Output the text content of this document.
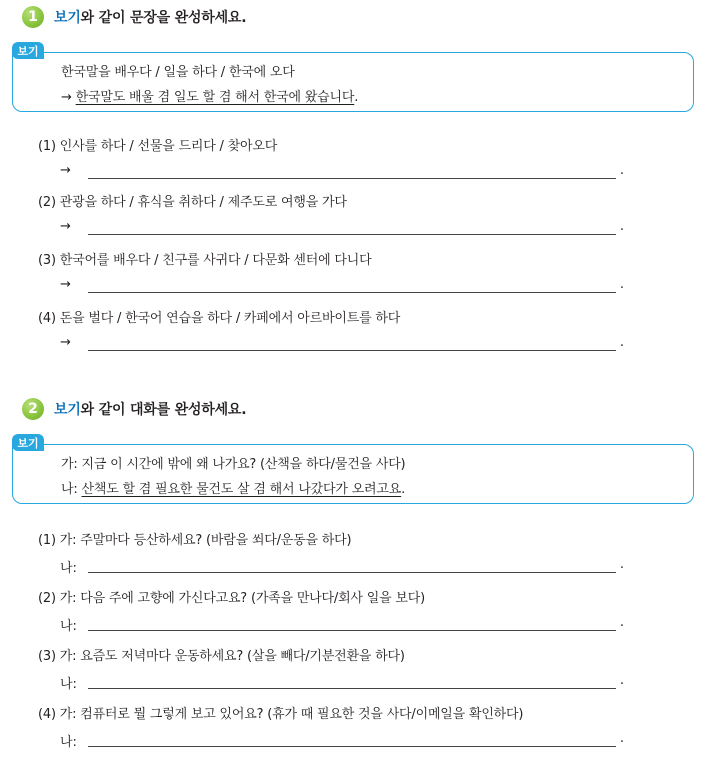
1	보기와 같이 문장을 완성하세요.
보기
한국말을 배우다 / 일을 하다 / 한국에 오다
→ 한국말도 배울 겸 일도 할 겸 해서 한국에 왔습니다.
(1) 인사를 하다 / 선물을 드리다 / 찾아오다
→	.
(2) 관광을 하다 / 휴식을 취하다 / 제주도로 여행을 가다
→	.
(3) 한국어를 배우다 / 친구를 사귀다 / 다문화 센터에 다니다
→	.
(4) 돈을 벌다 / 한국어 연습을 하다 / 카페에서 아르바이트를 하다
→	.
2	보기와 같이 대화를 완성하세요.
보기
가: 지금 이 시간에 밖에 왜 나가요? (산책을 하다/물건을 사다)
나: 산책도 할 겸 필요한 물건도 살 겸 해서 나갔다가 오려고요.
(1) 가: 주말마다 등산하세요? (바람을 쐬다/운동을 하다)
나:	.
(2) 가: 다음 주에 고향에 가신다고요? (가족을 만나다/회사 일을 보다)
나:	.
(3) 가: 요즘도 저녁마다 운동하세요? (살을 빼다/기분전환을 하다)
나:	.
(4) 가: 컴퓨터로 뭘 그렇게 보고 있어요? (휴가 때 필요한 것을 사다/이메일을 확인하다)
나:	.
